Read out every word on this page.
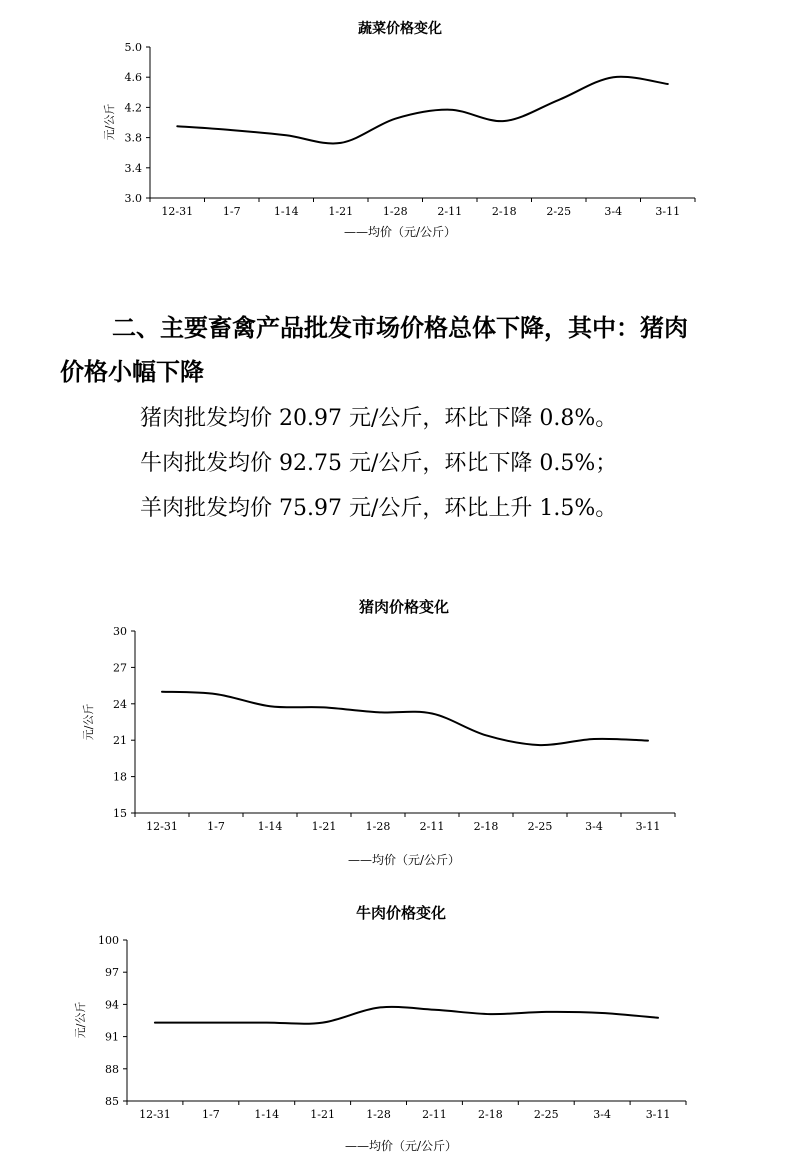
蔬菜价格变化
3.0
3.4
3.8
4.2
4.6
5.0
12-31	1-7	1-14	1-21	1-28	2-11	2-18	2-25	3-4	3-11
元/公斤
——均价（元/公斤）

二、主要畜禽产品批发市场价格总体下降，其中：猪肉

价格小幅下降

猪肉批发均价 20.97 元/公斤，环比下降 0.8%。

牛肉批发均价 92.75 元/公斤，环比下降 0.5%；

羊肉批发均价 75.97 元/公斤，环比上升 1.5%。

猪肉价格变化
15
18
21
24
27
30
12-31	1-7	1-14	1-21	1-28	2-11	2-18	2-25	3-4	3-11
元/公斤
——均价（元/公斤）
牛肉价格变化
85
88
91
94
97
100
12-31	1-7	1-14	1-21	1-28	2-11	2-18	2-25	3-4	3-11
元/公斤
——均价（元/公斤）
